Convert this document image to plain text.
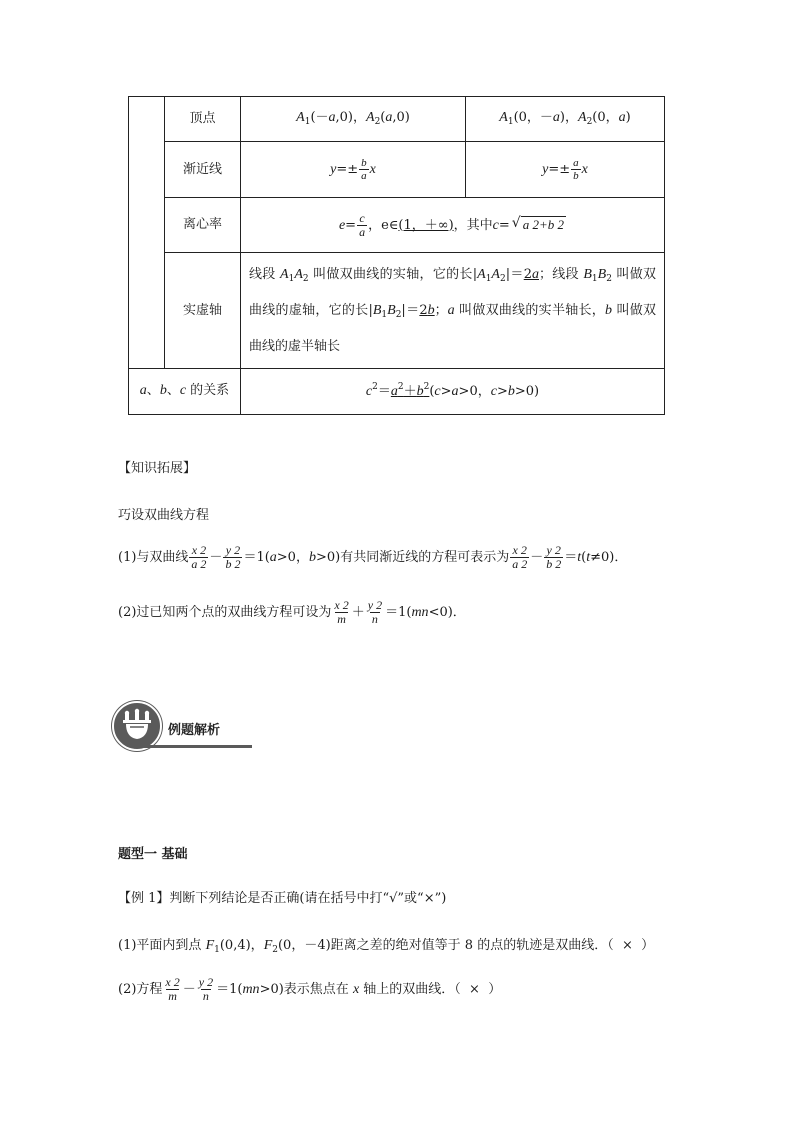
	顶点	$A_1(-a,0)$，$A_2(a,0)$	$A_1(0$，－a)，$A_2(0$，a)
	渐近线	$y=\pm \frac{b}{a}$ x	$y=\pm \frac{a}{b}$ x
	离心率	$e= \frac{c}{a}$ ，e∈(1，＋∞)，其中c= √ a 2+b 2
	实虚轴	线段 $A_1A_2$ 叫做双曲线的实轴，它的长$|A_1A_2|=2a$；线段 $B_1B_2$ 叫做双曲线的虚轴，它的长$|B_1B_2|=2b$；a 叫做双曲线的实半轴长，b 叫做双曲线的虚半轴长	
a、b、c 的关系		$c^2=a^2+b^2(c>a>0$，c>b>0)	
【知识拓展】
巧设双曲线方程
(1)与双曲线 $\frac{x 2}{a 2} - \frac{y 2}{b 2} =1(a>0$，b>0)有共同渐近线的方程可表示为 $\frac{x 2}{a 2} - \frac{y 2}{b 2} =t(t\ne 0)$．
(2)过已知两个点的双曲线方程可设为 $\frac{x 2}{m} + \frac{y 2}{n} =1(mn<0)$．
例题解析
题型一 基础
【例 1】判断下列结论是否正确(请在括号中打“√”或“×”)
(1)平面内到点 $F_1(0,4)$，$F_2(0$，－4)距离之差的绝对值等于 8 的点的轨迹是双曲线．（  ×  ）
(2)方程 $\frac{x 2}{m} - \frac{y 2}{n} =1(mn>0)$表示焦点在 x 轴上的双曲线．（  ×  ）
